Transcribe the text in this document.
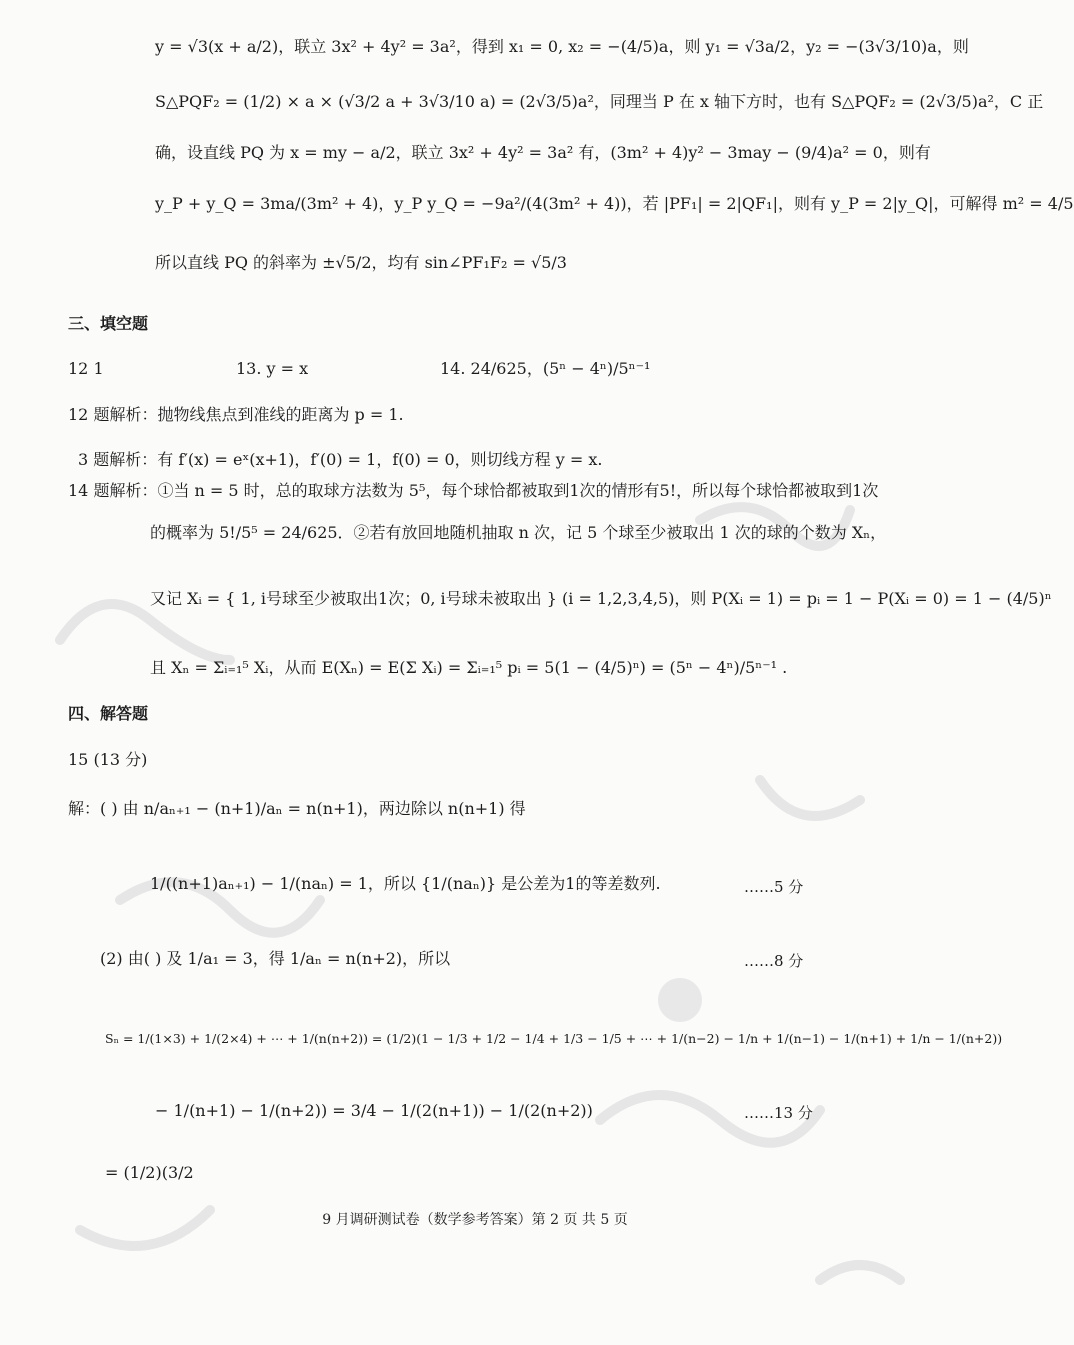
y = √3(x + a/2)，联立 3x² + 4y² = 3a²，得到 x₁ = 0, x₂ = −(4/5)a，则 y₁ = √3a/2，y₂ = −(3√3/10)a，则
S△PQF₂ = (1/2) × a × (√3/2 a + 3√3/10 a) = (2√3/5)a²，同理当 P 在 x 轴下方时，也有 S△PQF₂ = (2√3/5)a²，C 正
确，设直线 PQ 为 x = my − a/2，联立 3x² + 4y² = 3a² 有，(3m² + 4)y² − 3may − (9/4)a² = 0，则有
y_P + y_Q = 3ma/(3m² + 4)，y_P y_Q = −9a²/(4(3m² + 4))，若 |PF₁| = 2|QF₁|，则有 y_P = 2|y_Q|，可解得 m² = 4/5
所以直线 PQ 的斜率为 ±√5/2，均有 sin∠PF₁F₂ = √5/3
三、填空题
12 1	13. y = x	14. 24/625，(5ⁿ − 4ⁿ)/5ⁿ⁻¹
12 题解析：抛物线焦点到准线的距离为 p = 1.
3 题解析：有 f′(x) = eˣ(x+1)，f′(0) = 1，f(0) = 0，则切线方程 y = x.
14 题解析：①当 n = 5 时，总的取球方法数为 5⁵，每个球恰都被取到1次的情形有5!，所以每个球恰都被取到1次
的概率为 5!/5⁵ = 24/625．②若有放回地随机抽取 n 次，记 5 个球至少被取出 1 次的球的个数为 Xₙ，
又记 Xᵢ = { 1, i号球至少被取出1次；0, i号球未被取出 } (i = 1,2,3,4,5)，则 P(Xᵢ = 1) = pᵢ = 1 − P(Xᵢ = 0) = 1 − (4/5)ⁿ
且 Xₙ = Σᵢ₌₁⁵ Xᵢ，从而 E(Xₙ) = E(Σ Xᵢ) = Σᵢ₌₁⁵ pᵢ = 5(1 − (4/5)ⁿ) = (5ⁿ − 4ⁿ)/5ⁿ⁻¹ .
四、解答题
15 (13 分)
解：( ) 由 n/aₙ₊₁ − (n+1)/aₙ = n(n+1)，两边除以 n(n+1) 得
1/((n+1)aₙ₊₁) − 1/(naₙ) = 1，所以 {1/(naₙ)} 是公差为1的等差数列.	……5 分
(2) 由( ) 及 1/a₁ = 3，得 1/aₙ = n(n+2)，所以	……8 分
Sₙ = 1/(1×3) + 1/(2×4) + ⋯ + 1/(n(n+2)) = (1/2)(1 − 1/3 + 1/2 − 1/4 + 1/3 − 1/5 + ⋯ + 1/(n−2) − 1/n + 1/(n−1) − 1/(n+1) + 1/n − 1/(n+2))
− 1/(n+1) − 1/(n+2)) = 3/4 − 1/(2(n+1)) − 1/(2(n+2))	……13 分
= (1/2)(3/2
9 月调研测试卷（数学参考答案）第 2 页 共 5 页
